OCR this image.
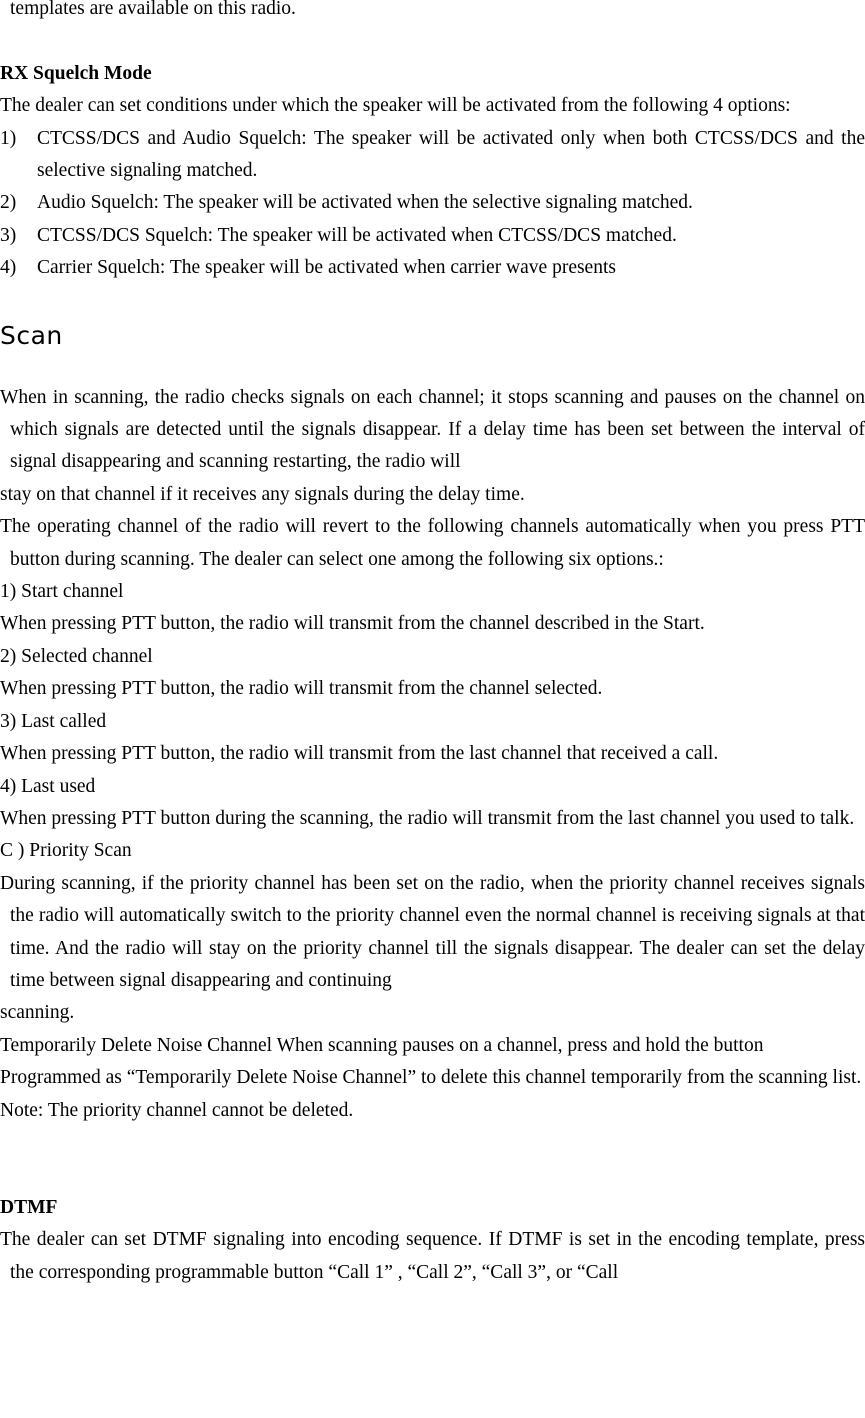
templates are available on this radio.

RX Squelch Mode

The dealer can set conditions under which the speaker will be activated from the following 4 options:

1) CTCSS/DCS and Audio Squelch: The speaker will be activated only when both CTCSS/DCS and the selective signaling matched.
2) Audio Squelch: The speaker will be activated when the selective signaling matched.
3) CTCSS/DCS Squelch: The speaker will be activated when CTCSS/DCS matched.
4) Carrier Squelch: The speaker will be activated when carrier wave presents

Scan

When in scanning, the radio checks signals on each channel; it stops scanning and pauses on the channel on which signals are detected until the signals disappear. If a delay time has been set between the interval of signal disappearing and scanning restarting, the radio will

stay on that channel if it receives any signals during the delay time.

The operating channel of the radio will revert to the following channels automatically when you press PTT button during scanning. The dealer can select one among the following six options.:

1) Start channel

When pressing PTT button, the radio will transmit from the channel described in the Start.

2) Selected channel

When pressing PTT button, the radio will transmit from the channel selected.

3) Last called

When pressing PTT button, the radio will transmit from the last channel that received a call.

4) Last used

When pressing PTT button during the scanning, the radio will transmit from the last channel you used to talk.

C ) Priority Scan

During scanning, if the priority channel has been set on the radio, when the priority channel receives signals the radio will automatically switch to the priority channel even the normal channel is receiving signals at that time. And the radio will stay on the priority channel till the signals disappear. The dealer can set the delay time between signal disappearing and continuing

scanning.

Temporarily Delete Noise Channel When scanning pauses on a channel, press and hold the button

Programmed as “Temporarily Delete Noise Channel” to delete this channel temporarily from the scanning list.

Note: The priority channel cannot be deleted.

DTMF

The dealer can set DTMF signaling into encoding sequence. If DTMF is set in the encoding template, press the corresponding programmable button “Call 1” , “Call 2”, “Call 3”, or “Call
